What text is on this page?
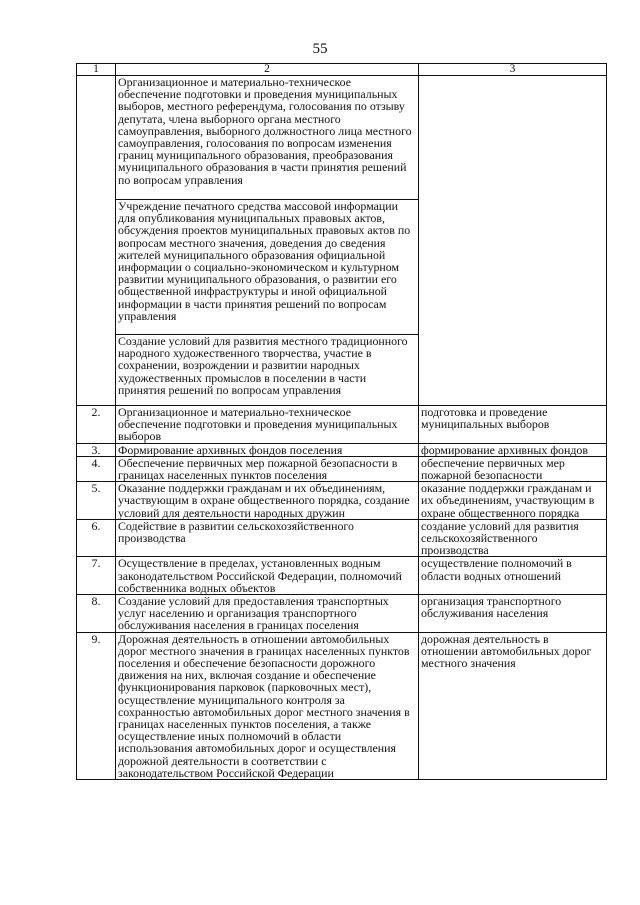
55
1	2	3
	Организационное и материально-техническое обеспечение подготовки и проведения муниципальных выборов, местного референдума, голосования по отзыву депутата, члена выборного органа местного самоуправления, выборного должностного лица местного самоуправления, голосования по вопросам изменения границ муниципального образования, преобразования муниципального образования в части принятия решений по вопросам управления	
	Учреждение печатного средства массовой информации для опубликования муниципальных правовых актов, обсуждения проектов муниципальных правовых актов по вопросам местного значения, доведения до сведения жителей муниципального образования официальной информации о социально-экономическом и культурном развитии муниципального образования, о развитии его общественной инфраструктуры и иной официальной информации в части принятия решений по вопросам управления	
	Создание условий для развития местного традиционного народного художественного творчества, участие в сохранении, возрождении и развитии народных художественных промыслов в поселении в части принятия решений по вопросам управления	
2.	Организационное и материально-техническое обеспечение подготовки и проведения муниципальных выборов	подготовка и проведение муниципальных выборов
3.	Формирование архивных фондов поселения	формирование архивных фондов
4.	Обеспечение первичных мер пожарной безопасности в границах населенных пунктов поселения	обеспечение первичных мер пожарной безопасности
5.	Оказание поддержки гражданам и их объединениям, участвующим в охране общественного порядка, создание условий для деятельности народных дружин	оказание поддержки гражданам и их объединениям, участвующим в охране общественного порядка
6.	Содействие в развитии сельскохозяйственного производства	создание условий для развития сельскохозяйственного производства
7.	Осуществление в пределах, установленных водным законодательством Российской Федерации, полномочий собственника водных объектов	осуществление полномочий в области водных отношений
8.	Создание условий для предоставления транспортных услуг населению и организация транспортного обслуживания населения в границах поселения	организация транспортного обслуживания населения
9.	Дорожная деятельность в отношении автомобильных дорог местного значения в границах населенных пунктов поселения и обеспечение безопасности дорожного движения на них, включая создание и обеспечение функционирования парковок (парковочных мест), осуществление муниципального контроля за сохранностью автомобильных дорог местного значения в границах населенных пунктов поселения, а также осуществление иных полномочий в области использования автомобильных дорог и осуществления дорожной деятельности в соответствии с законодательством Российской Федерации	дорожная деятельность в отношении автомобильных дорог местного значения
